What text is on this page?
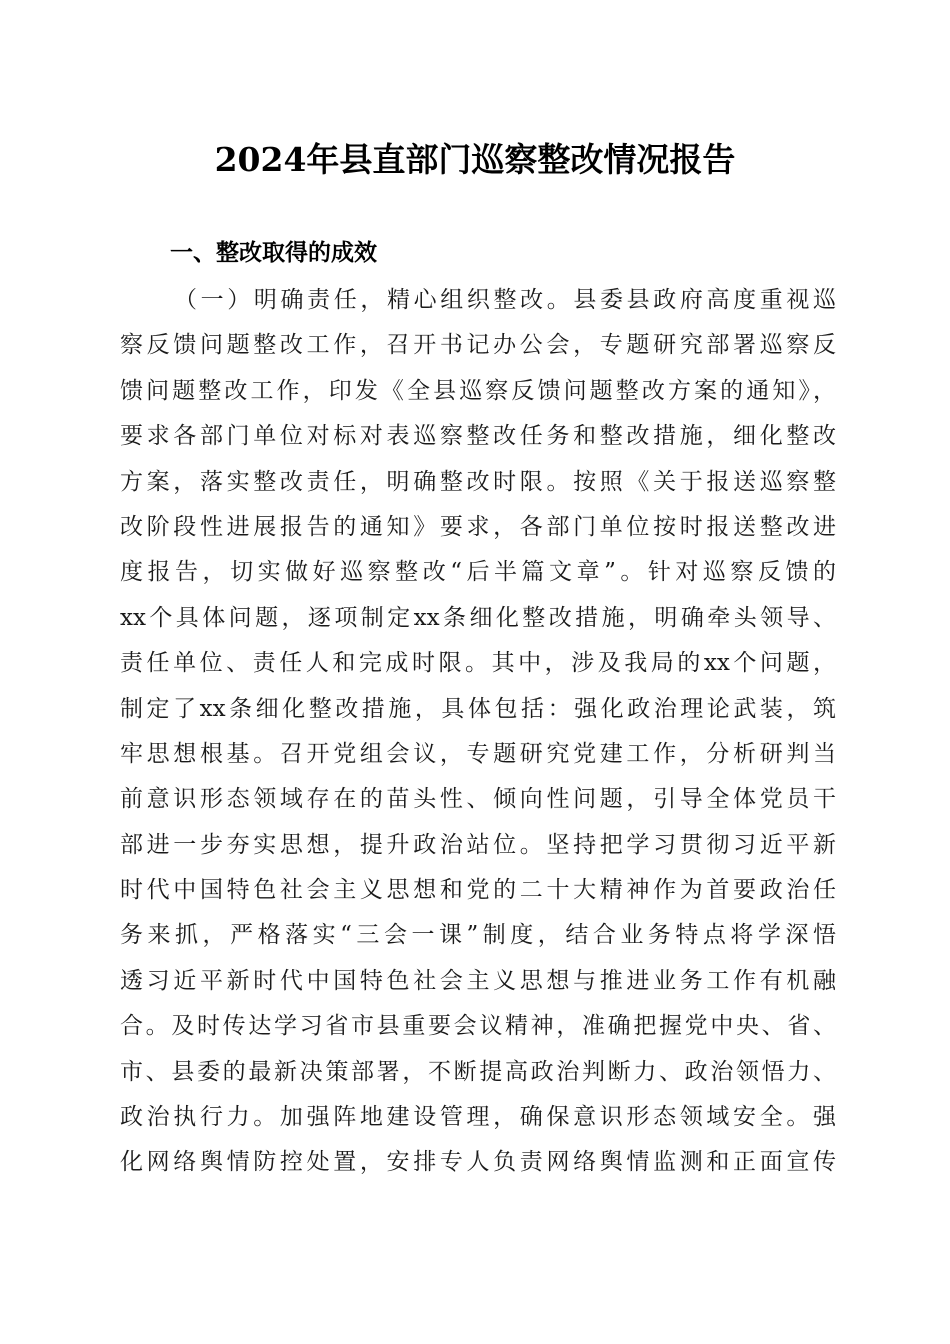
2024年县直部门巡察整改情况报告
一、整改取得的成效
（一）明确责任，精心组织整改。县委县政府高度重视巡
察反馈问题整改工作，召开书记办公会，专题研究部署巡察反
馈问题整改工作，印发《全县巡察反馈问题整改方案的通知》，
要求各部门单位对标对表巡察整改任务和整改措施，细化整改
方案，落实整改责任，明确整改时限。按照《关于报送巡察整
改阶段性进展报告的通知》要求，各部门单位按时报送整改进
度报告，切实做好巡察整改“后半篇文章”。针对巡察反馈的
xx个具体问题，逐项制定xx条细化整改措施，明确牵头领导、
责任单位、责任人和完成时限。其中，涉及我局的xx个问题，
制定了xx条细化整改措施，具体包括：强化政治理论武装，筑
牢思想根基。召开党组会议，专题研究党建工作，分析研判当
前意识形态领域存在的苗头性、倾向性问题，引导全体党员干
部进一步夯实思想，提升政治站位。坚持把学习贯彻习近平新
时代中国特色社会主义思想和党的二十大精神作为首要政治任
务来抓，严格落实“三会一课”制度，结合业务特点将学深悟
透习近平新时代中国特色社会主义思想与推进业务工作有机融
合。及时传达学习省市县重要会议精神，准确把握党中央、省、
市、县委的最新决策部署，不断提高政治判断力、政治领悟力、
政治执行力。加强阵地建设管理，确保意识形态领域安全。强
化网络舆情防控处置，安排专人负责网络舆情监测和正面宣传
